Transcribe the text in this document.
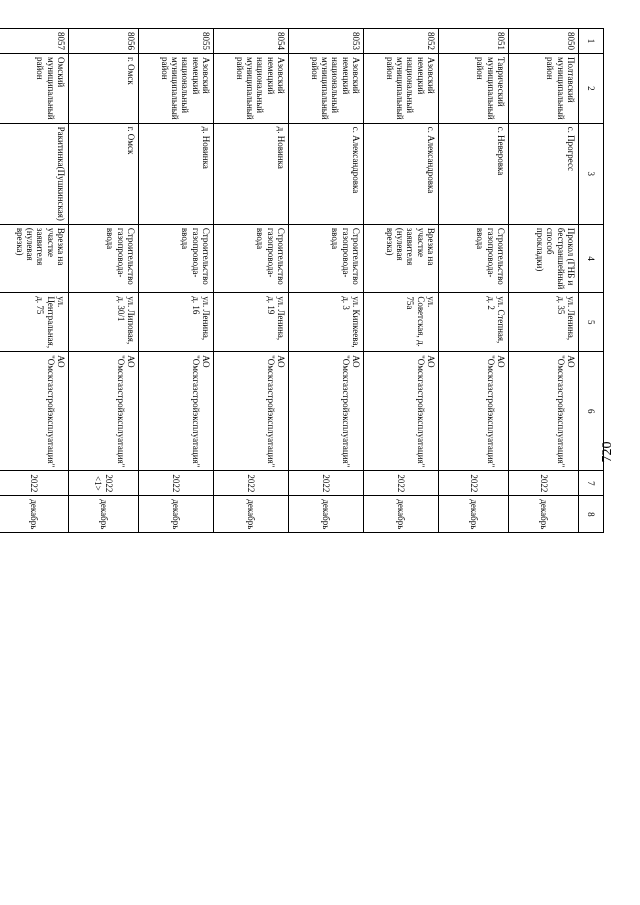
720
1	2	3	4	5	6	7	8
8050	Полтавский муниципальный район	с. Прогресс	Прокол (ГНБ и бестраншейный способ прокладки)	ул. Ленина, д. 35	АО "Омскгазстройэксплуатация"	2022	декабрь
8051	Таврический муниципальный район	с. Неверовка	Строительство газопровода-ввода	ул. Степная, д. 2	АО "Омскгазстройэксплуатация"	2022	декабрь
8052	Азовский немецкий национальный муниципальный район	с. Александровка	Врезка на участке заявителя (нулевая врезка)	ул. Советская, д. 75а	АО "Омскгазстройэксплуатация"	2022	декабрь
8053	Азовский немецкий национальный муниципальный район	с. Александровка	Строительство газопровода-ввода	ул. Кипкеева, д. 3	АО "Омскгазстройэксплуатация"	2022	декабрь
8054	Азовский немецкий национальный муниципальный район	д. Новинка	Строительство газопровода-ввода	ул. Ленина, д. 19	АО "Омскгазстройэксплуатация"	2022	декабрь
8055	Азовский немецкий национальный муниципальный район	д. Новинка	Строительство газопровода-ввода	ул. Ленина, д. 16	АО "Омскгазстройэксплуатация"	2022	декабрь
8056	г. Омск	г. Омск	Строительство газопровода-ввода	ул. Липовая, д. 30/1	АО "Омскгазстройэксплуатация"	2022 <1>	декабрь
8057	Омский муниципальный район	Ракитинка(Пушкинская)	Врезка на участке заявителя (нулевая врезка)	ул. Центральная, д. 75	АО "Омскгазстройэксплуатация"	2022	декабрь
